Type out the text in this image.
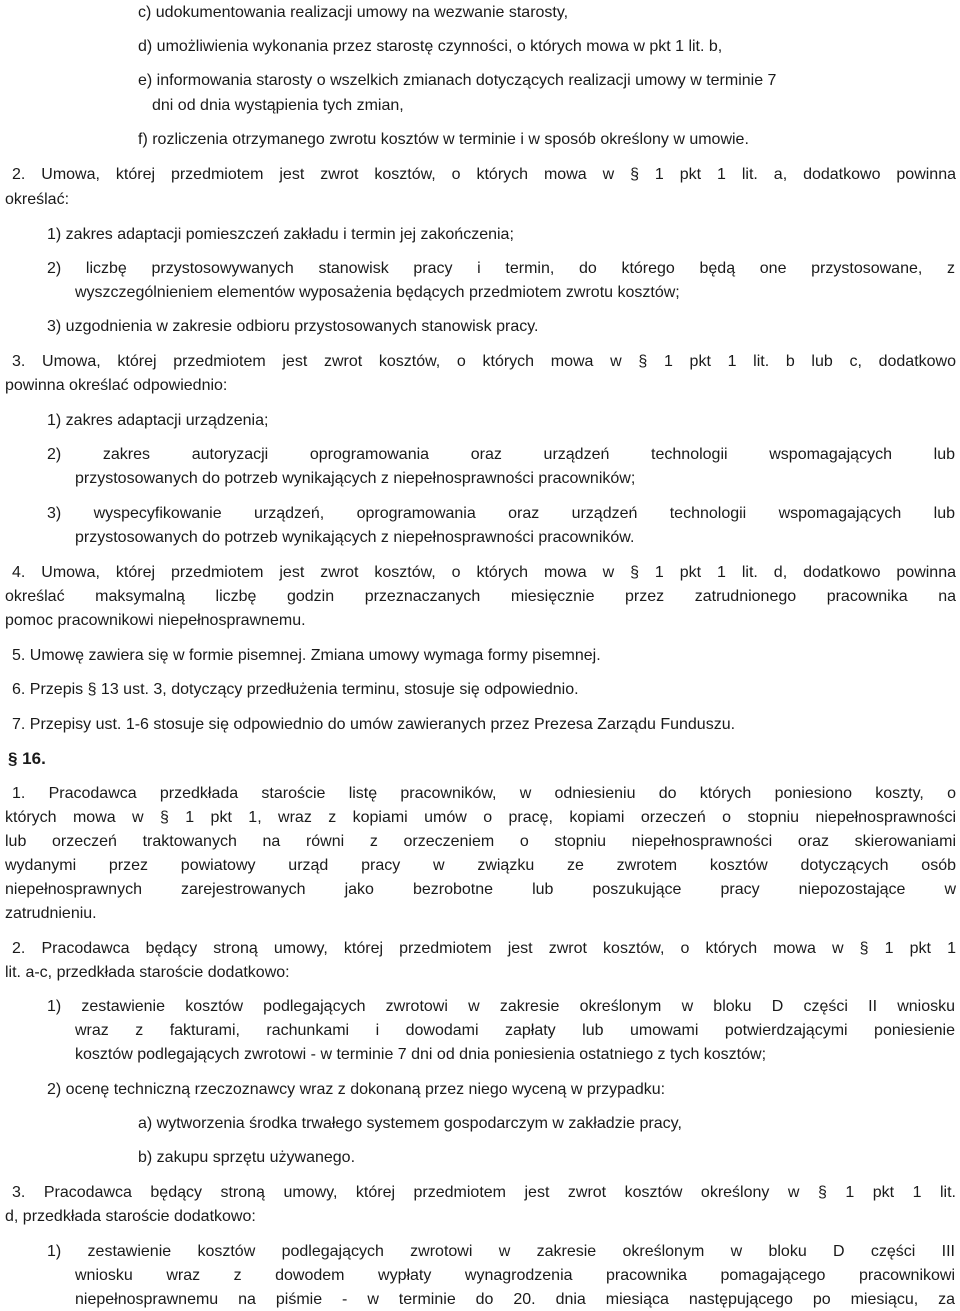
c) udokumentowania realizacji umowy na wezwanie starosty,
d) umożliwienia wykonania przez starostę czynności, o których mowa w pkt 1 lit. b,
e) informowania starosty o wszelkich zmianach dotyczących realizacji umowy w terminie 7
dni od dnia wystąpienia tych zmian,
f) rozliczenia otrzymanego zwrotu kosztów w terminie i w sposób określony w umowie.
2. Umowa, której przedmiotem jest zwrot kosztów, o których mowa w § 1 pkt 1 lit. a, dodatkowo powinna
określać:
1) zakres adaptacji pomieszczeń zakładu i termin jej zakończenia;
2) liczbę przystosowywanych stanowisk pracy i termin, do którego będą one przystosowane, z
wyszczególnieniem elementów wyposażenia będących przedmiotem zwrotu kosztów;
3) uzgodnienia w zakresie odbioru przystosowanych stanowisk pracy.
3. Umowa, której przedmiotem jest zwrot kosztów, o których mowa w § 1 pkt 1 lit. b lub c, dodatkowo
powinna określać odpowiednio:
1) zakres adaptacji urządzenia;
2) zakres autoryzacji oprogramowania oraz urządzeń technologii wspomagających lub
przystosowanych do potrzeb wynikających z niepełnosprawności pracowników;
3) wyspecyfikowanie urządzeń, oprogramowania oraz urządzeń technologii wspomagających lub
przystosowanych do potrzeb wynikających z niepełnosprawności pracowników.
4. Umowa, której przedmiotem jest zwrot kosztów, o których mowa w § 1 pkt 1 lit. d, dodatkowo powinna
określać maksymalną liczbę godzin przeznaczanych miesięcznie przez zatrudnionego pracownika na
pomoc pracownikowi niepełnosprawnemu.
5. Umowę zawiera się w formie pisemnej. Zmiana umowy wymaga formy pisemnej.
6. Przepis § 13 ust. 3, dotyczący przedłużenia terminu, stosuje się odpowiednio.
7. Przepisy ust. 1-6 stosuje się odpowiednio do umów zawieranych przez Prezesa Zarządu Funduszu.
§ 16.
1. Pracodawca przedkłada staroście listę pracowników, w odniesieniu do których poniesiono koszty, o
których mowa w § 1 pkt 1, wraz z kopiami umów o pracę, kopiami orzeczeń o stopniu niepełnosprawności
lub orzeczeń traktowanych na równi z orzeczeniem o stopniu niepełnosprawności oraz skierowaniami
wydanymi przez powiatowy urząd pracy w związku ze zwrotem kosztów dotyczących osób
niepełnosprawnych zarejestrowanych jako bezrobotne lub poszukujące pracy niepozostające w
zatrudnieniu.
2. Pracodawca będący stroną umowy, której przedmiotem jest zwrot kosztów, o których mowa w § 1 pkt 1
lit. a-c, przedkłada staroście dodatkowo:
1) zestawienie kosztów podlegających zwrotowi w zakresie określonym w bloku D części II wniosku
wraz z fakturami, rachunkami i dowodami zapłaty lub umowami potwierdzającymi poniesienie
kosztów podlegających zwrotowi - w terminie 7 dni od dnia poniesienia ostatniego z tych kosztów;
2) ocenę techniczną rzeczoznawcy wraz z dokonaną przez niego wyceną w przypadku:
a) wytworzenia środka trwałego systemem gospodarczym w zakładzie pracy,
b) zakupu sprzętu używanego.
3. Pracodawca będący stroną umowy, której przedmiotem jest zwrot kosztów określony w § 1 pkt 1 lit.
d, przedkłada staroście dodatkowo:
1) zestawienie kosztów podlegających zwrotowi w zakresie określonym w bloku D części III
wniosku wraz z dowodem wypłaty wynagrodzenia pracownika pomagającego pracownikowi
niepełnosprawnemu na piśmie - w terminie do 20. dnia miesiąca następującego po miesiącu, za
